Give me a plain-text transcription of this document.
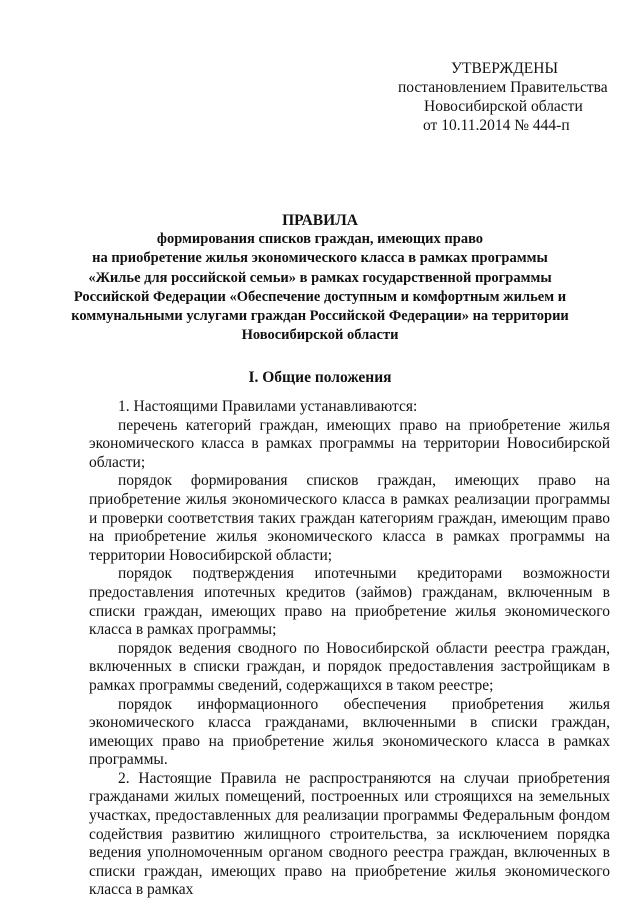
УТВЕРЖДЕНЫ
постановлением Правительства
Новосибирской области
от 10.11.2014 № 444-п
ПРАВИЛА
формирования списков граждан, имеющих право
на приобретение жилья экономического класса в рамках программы
«Жилье для российской семьи» в рамках государственной программы
Российской Федерации «Обеспечение доступным и комфортным жильем и
коммунальными услугами граждан Российской Федерации» на территории
Новосибирской области
I. Общие положения

1. Настоящими Правилами устанавливаются:

перечень категорий граждан, имеющих право на приобретение жилья экономического класса в рамках программы на территории Новосибирской области;

порядок формирования списков граждан, имеющих право на приобретение жилья экономического класса в рамках реализации программы и проверки соответствия таких граждан категориям граждан, имеющим право на приобретение жилья экономического класса в рамках программы на территории Новосибирской области;

порядок подтверждения ипотечными кредиторами возможности предоставления ипотечных кредитов (займов) гражданам, включенным в списки граждан, имеющих право на приобретение жилья экономического класса в рамках программы;

порядок ведения сводного по Новосибирской области реестра граждан, включенных в списки граждан, и порядок предоставления застройщикам в рамках программы сведений, содержащихся в таком реестре;

порядок информационного обеспечения приобретения жилья экономического класса гражданами, включенными в списки граждан, имеющих право на приобретение жилья экономического класса в рамках программы.

2. Настоящие Правила не распространяются на случаи приобретения гражданами жилых помещений, построенных или строящихся на земельных участках, предоставленных для реализации программы Федеральным фондом содействия развитию жилищного строительства, за исключением порядка ведения уполномоченным органом сводного реестра граждан, включенных в списки граждан, имеющих право на приобретение жилья экономического класса в рамках
